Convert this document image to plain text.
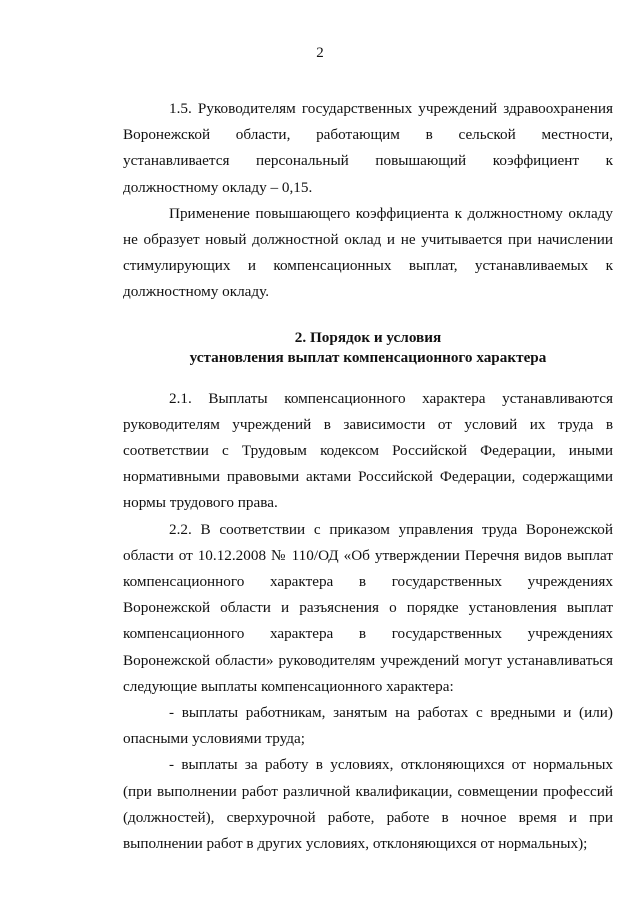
2

1.5. Руководителям государственных учреждений здравоохранения Воронежской области, работающим в сельской местности, устанавливается персональный повышающий коэффициент к должностному окладу – 0,15.

Применение повышающего коэффициента к должностному окладу не образует новый должностной оклад и не учитывается при начислении стимулирующих и компенсационных выплат, устанавливаемых к должностному окладу.

2. Порядок и условия
установления выплат компенсационного характера

2.1. Выплаты компенсационного характера устанавливаются руководителям учреждений в зависимости от условий их труда в соответствии с Трудовым кодексом Российской Федерации, иными нормативными правовыми актами Российской Федерации, содержащими нормы трудового права.

2.2. В соответствии с приказом управления труда Воронежской области от 10.12.2008 № 110/ОД «Об утверждении Перечня видов выплат компенсационного характера в государственных учреждениях Воронежской области и разъяснения о порядке установления выплат компенсационного характера в государственных учреждениях Воронежской области» руководителям учреждений могут устанавливаться следующие выплаты компенсационного характера:

- выплаты работникам, занятым на работах с вредными и (или) опасными условиями труда;

- выплаты за работу в условиях, отклоняющихся от нормальных (при выполнении работ различной квалификации, совмещении профессий (должностей), сверхурочной работе, работе в ночное время и при выполнении работ в других условиях, отклоняющихся от нормальных);
